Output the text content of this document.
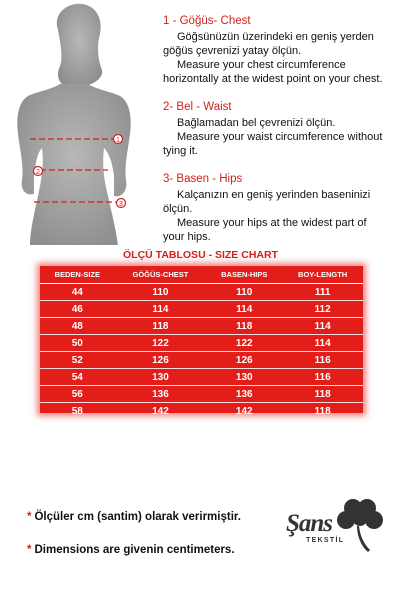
1
2
3
1 - Göğüs- Chest
Göğsünüzün üzerindeki en geniş yerden
göğüs çevrenizi yatay ölçün.
Measure your chest circumference
horizontally at the widest point on your chest.
2- Bel - Waist
Bağlamadan bel çevrenizi ölçün.
Measure your waist circumference without
tying it.
3- Basen - Hips
Kalçanızın en geniş yerinden baseninizi
ölçün.
Measure your hips at the widest part of
your hips.
ÖLÇÜ TABLOSU - SIZE CHART
BEDEN-SIZE	GÖĞÜS-CHEST	BASEN-HIPS	BOY-LENGTH
44	110	110	111
46	114	114	112
48	118	118	114
50	122	122	114
52	126	126	116
54	130	130	116
56	136	136	118
58	142	142	118
* Ölçüler cm (santim) olarak verirmiştir.
* Dimensions are givenin centimeters.
Şans
TEKSTİL
